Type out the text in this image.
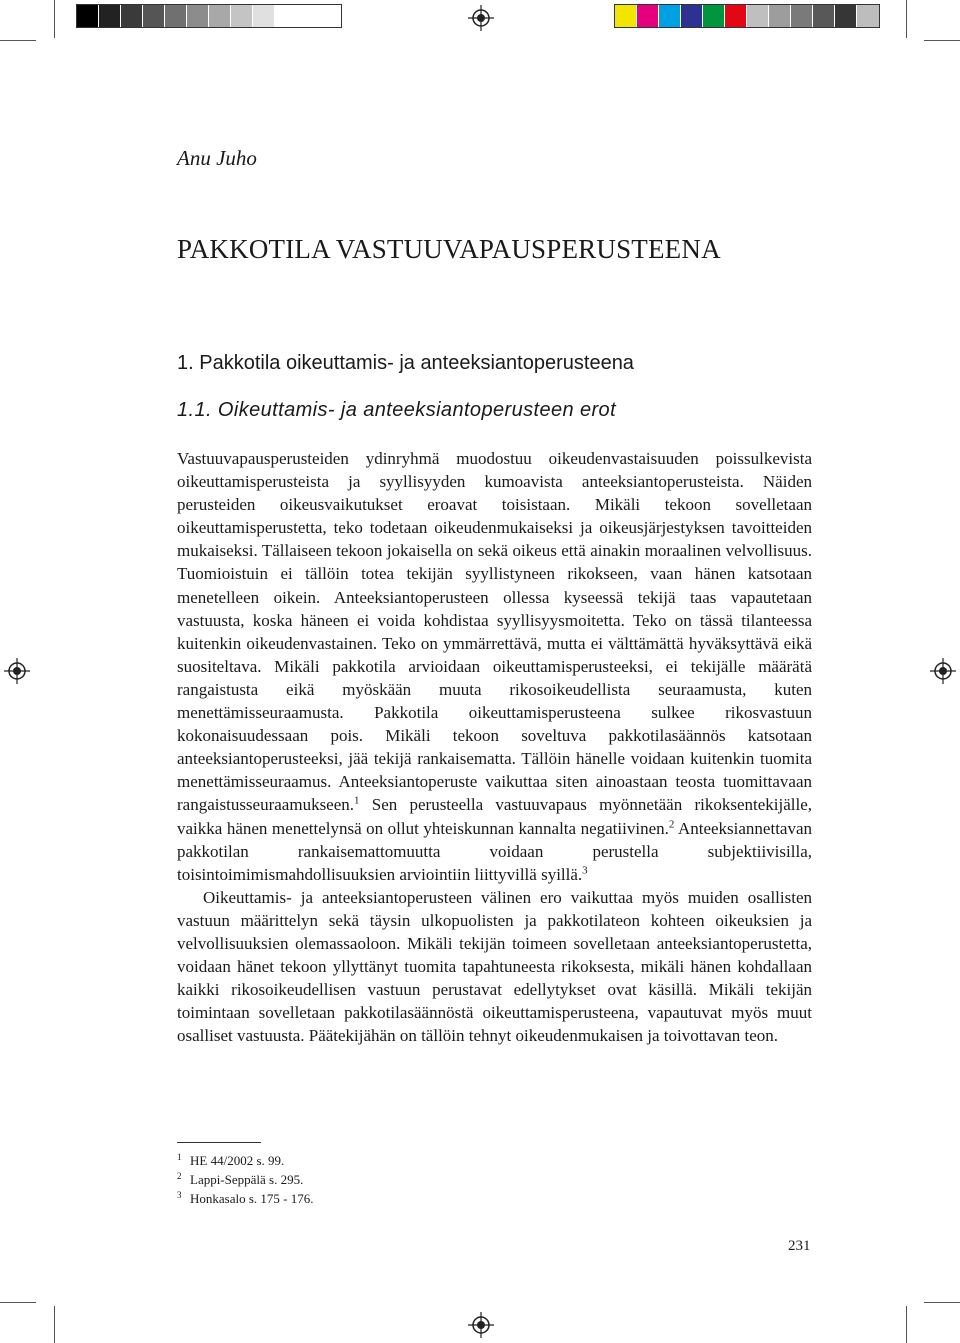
Anu Juho
PAKKOTILA VASTUUVAPAUSPERUSTEENA
1. Pakkotila oikeuttamis- ja anteeksiantoperusteena
1.1. Oikeuttamis- ja anteeksiantoperusteen erot

Vastuuvapausperusteiden ydinryhmä muodostuu oikeudenvastaisuuden poissulkevista oikeuttamisperusteista ja syyllisyyden kumoavista anteeksiantoperusteista. Näiden perusteiden oikeusvaikutukset eroavat toisistaan. Mikäli tekoon sovelletaan oikeuttamisperustetta, teko todetaan oikeudenmukaiseksi ja oikeusjärjestyksen tavoitteiden mukaiseksi. Tällaiseen tekoon jokaisella on sekä oikeus että ainakin moraalinen velvollisuus. Tuomioistuin ei tällöin totea tekijän syyllistyneen rikokseen, vaan hänen katsotaan menetelleen oikein. Anteeksiantoperusteen ollessa kyseessä tekijä taas vapautetaan vastuusta, koska häneen ei voida kohdistaa syyllisyysmoitetta. Teko on tässä tilanteessa kuitenkin oikeudenvastainen. Teko on ymmärrettävä, mutta ei välttämättä hyväksyttävä eikä suositeltava. Mikäli pakkotila arvioidaan oikeuttamisperusteeksi, ei tekijälle määrätä rangaistusta eikä myöskään muuta rikosoikeudellista seuraamusta, kuten menettämisseuraamusta. Pakkotila oikeuttamisperusteena sulkee rikosvastuun kokonaisuudessaan pois. Mikäli tekoon soveltuva pakkotilasäännös katsotaan anteeksiantoperusteeksi, jää tekijä rankaisematta. Tällöin hänelle voidaan kuitenkin tuomita menettämisseuraamus. Anteeksiantoperuste vaikuttaa siten ainoastaan teosta tuomittavaan rangaistusseuraamukseen.$^1$ Sen perusteella vastuuvapaus myönnetään rikoksentekijälle, vaikka hänen menettelynsä on ollut yhteiskunnan kannalta negatiivinen.$^2$ Anteeksiannettavan pakkotilan rankaisemattomuutta voidaan perustella subjektiivisilla, toisintoimimismahdollisuuksien arviointiin liittyvillä syillä.$^3$

Oikeuttamis- ja anteeksiantoperusteen välinen ero vaikuttaa myös muiden osallisten vastuun määrittelyn sekä täysin ulkopuolisten ja pakkotilateon kohteen oikeuksien ja velvollisuuksien olemassaoloon. Mikäli tekijän toimeen sovelletaan anteeksiantoperustetta, voidaan hänet tekoon yllyttänyt tuomita tapahtuneesta rikoksesta, mikäli hänen kohdallaan kaikki rikosoikeudellisen vastuun perustavat edellytykset ovat käsillä. Mikäli tekijän toimintaan sovelletaan pakkotilasäännöstä oikeuttamisperusteena, vapautuvat myös muut osalliset vastuusta. Päätekijähän on tällöin tehnyt oikeudenmukaisen ja toivottavan teon.

1 HE 44/2002 s. 99.
2 Lappi-Seppälä s. 295.
3 Honkasalo s. 175 - 176.
231
